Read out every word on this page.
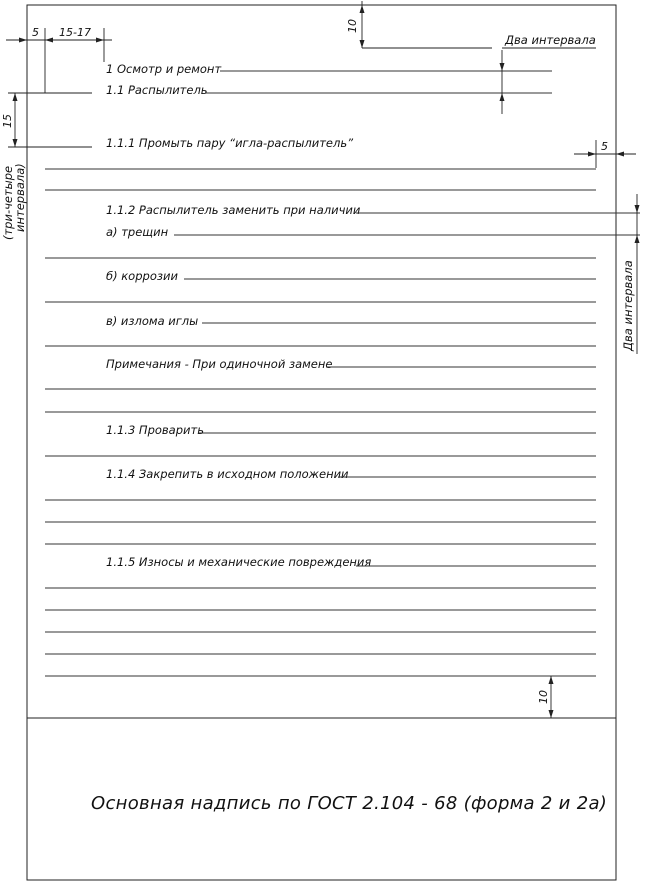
1 Осмотр и ремонт
1.1 Распылитель
1.1.1 Промыть пару “игла-распылитель”
1.1.2 Распылитель заменить при наличии
а) трещин
б) коррозии
в) излома иглы
Примечания - При одиночной замене
1.1.3 Проварить
1.1.4 Закрепить в исходном положении
1.1.5 Износы и механические повреждения
5 15-17	10
Два интервала
15
(три-четыре
интервала)
5
Два интервала
10
Основная надпись по ГОСТ 2.104 - 68 (форма 2 и 2а)
